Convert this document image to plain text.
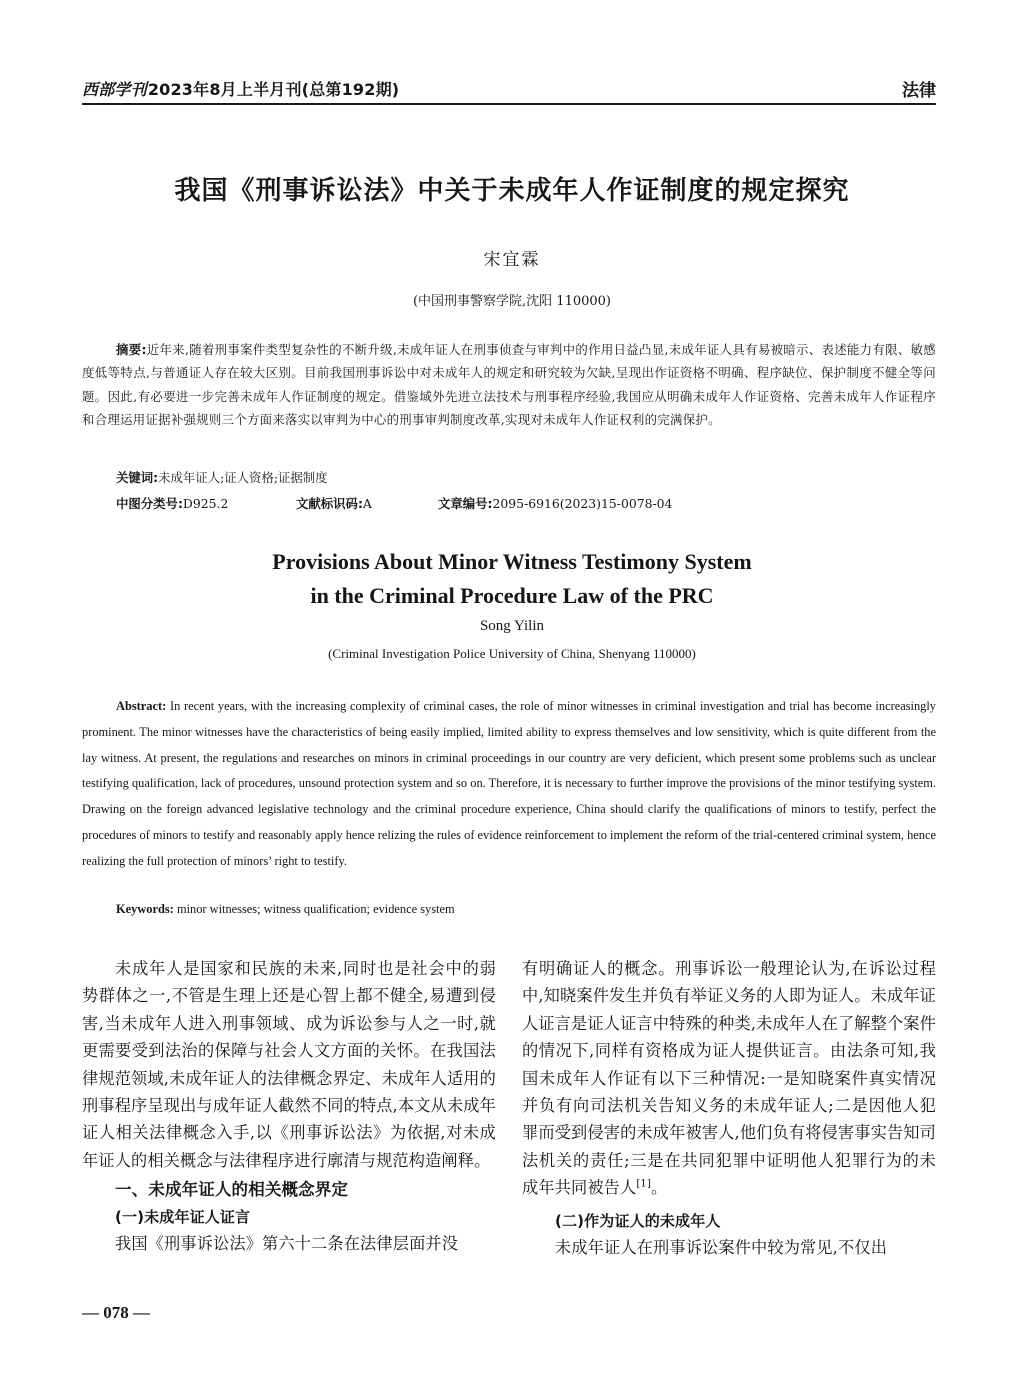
西部学刊2023年8月上半月刊(总第192期)	法律
我国《刑事诉讼法》中关于未成年人作证制度的规定探究
宋宜霖
(中国刑事警察学院,沈阳 110000)
摘要:近年来,随着刑事案件类型复杂性的不断升级,未成年证人在刑事侦查与审判中的作用日益凸显,未成年证人具有易被暗示、表述能力有限、敏感度低等特点,与普通证人存在较大区别。目前我国刑事诉讼中对未成年人的规定和研究较为欠缺,呈现出作证资格不明确、程序缺位、保护制度不健全等问题。因此,有必要进一步完善未成年人作证制度的规定。借鉴域外先进立法技术与刑事程序经验,我国应从明确未成年人作证资格、完善未成年人作证程序和合理运用证据补强规则三个方面来落实以审判为中心的刑事审判制度改革,实现对未成年人作证权利的完满保护。
关键词:未成年证人;证人资格;证据制度
中图分类号:D925.2	文献标识码:A	文章编号:2095-6916(2023)15-0078-04
Provisions About Minor Witness Testimony System
in the Criminal Procedure Law of the PRC
Song Yilin
(Criminal Investigation Police University of China, Shenyang 110000)
Abstract: In recent years, with the increasing complexity of criminal cases, the role of minor witnesses in criminal investigation and trial has become increasingly prominent. The minor witnesses have the characteristics of being easily implied, limited ability to express themselves and low sensitivity, which is quite different from the lay witness. At present, the regulations and researches on minors in criminal proceedings in our country are very deficient, which present some problems such as unclear testifying qualification, lack of procedures, unsound protection system and so on. Therefore, it is necessary to further improve the provisions of the minor testifying system. Drawing on the foreign advanced legislative technology and the criminal procedure experience, China should clarify the qualifications of minors to testify, perfect the procedures of minors to testify and reasonably apply hence relizing the rules of evidence reinforcement to implement the reform of the trial-centered criminal system, hence realizing the full protection of minors’ right to testify.
Keywords: minor witnesses; witness qualification; evidence system

未成年人是国家和民族的未来,同时也是社会中的弱势群体之一,不管是生理上还是心智上都不健全,易遭到侵害,当未成年人进入刑事领域、成为诉讼参与人之一时,就更需要受到法治的保障与社会人文方面的关怀。在我国法律规范领域,未成年证人的法律概念界定、未成年人适用的刑事程序呈现出与成年证人截然不同的特点,本文从未成年证人相关法律概念入手,以《刑事诉讼法》为依据,对未成年证人的相关概念与法律程序进行廓清与规范构造阐释。

一、未成年证人的相关概念界定
(一)未成年证人证言

我国《刑事诉讼法》第六十二条在法律层面并没

有明确证人的概念。刑事诉讼一般理论认为,在诉讼过程中,知晓案件发生并负有举证义务的人即为证人。未成年证人证言是证人证言中特殊的种类,未成年人在了解整个案件的情况下,同样有资格成为证人提供证言。由法条可知,我国未成年人作证有以下三种情况:一是知晓案件真实情况并负有向司法机关告知义务的未成年证人;二是因他人犯罪而受到侵害的未成年被害人,他们负有将侵害事实告知司法机关的责任;三是在共同犯罪中证明他人犯罪行为的未成年共同被告人[1]。

(二)作为证人的未成年人

未成年证人在刑事诉讼案件中较为常见,不仅出

— 078 —
